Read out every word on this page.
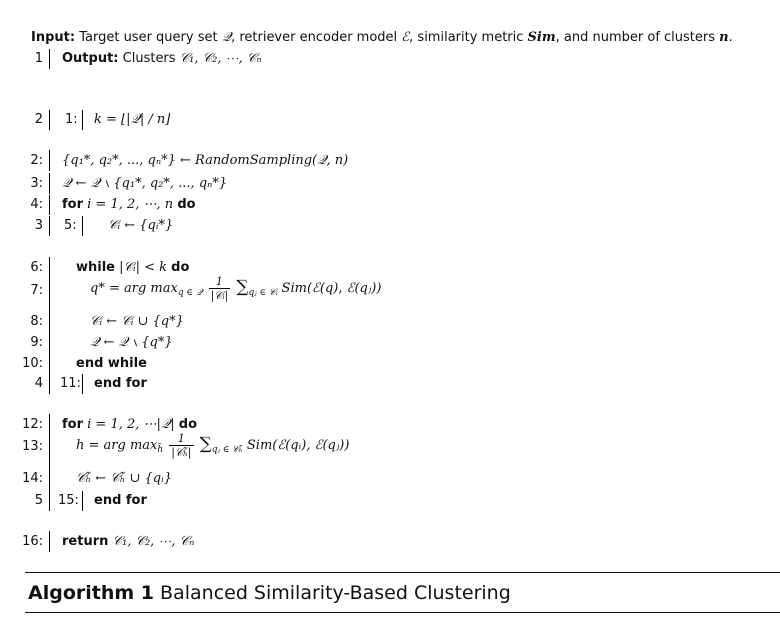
Input: Target user query set 𝒬, retriever encoder model ℰ, similarity metric Sim, and number of clusters n.
1 Output: Clusters 𝒞₁, 𝒞₂, ⋯, 𝒞ₙ
2 1: k = ⌊|𝒬| / n⌋
2: {q₁*, q₂*, ..., qₙ*} ← RandomSampling(𝒬, n)
3: 𝒬 ← 𝒬 ∖ {q₁*, q₂*, ..., qₙ*}
4: for i = 1, 2, ⋯, n do
3 5: 𝒞ᵢ ← {qᵢ*}
6:	while |𝒞ᵢ| < k do
7:	q* = arg $\max_{q \in 𝒬} \frac{1}{\text{|𝒞ᵢ|}} \sum_{qⱼ \in 𝒞ᵢ}$ Sim(ℰ(q), ℰ(qⱼ))
8:	𝒞ᵢ ← 𝒞ᵢ ∪ {q*}
9:	𝒬 ← 𝒬 ∖ {q*}
10:	end while
4 11: end for
12: for i = 1, 2, ⋯|𝒬| do
13:	h = arg $\max_{h̃} \frac{1}{\text{|𝒞ₕ̃|}} \sum_{qⱼ \in 𝒞_h̃}$ Sim(ℰ(qᵢ), ℰ(qⱼ))
14:	𝒞ₕ̃ ← 𝒞ₕ̃ ∪ {qᵢ}
5 15: end for
16: return 𝒞₁, 𝒞₂, ⋯, 𝒞ₙ
Algorithm 1 Balanced Similarity-Based Clustering
